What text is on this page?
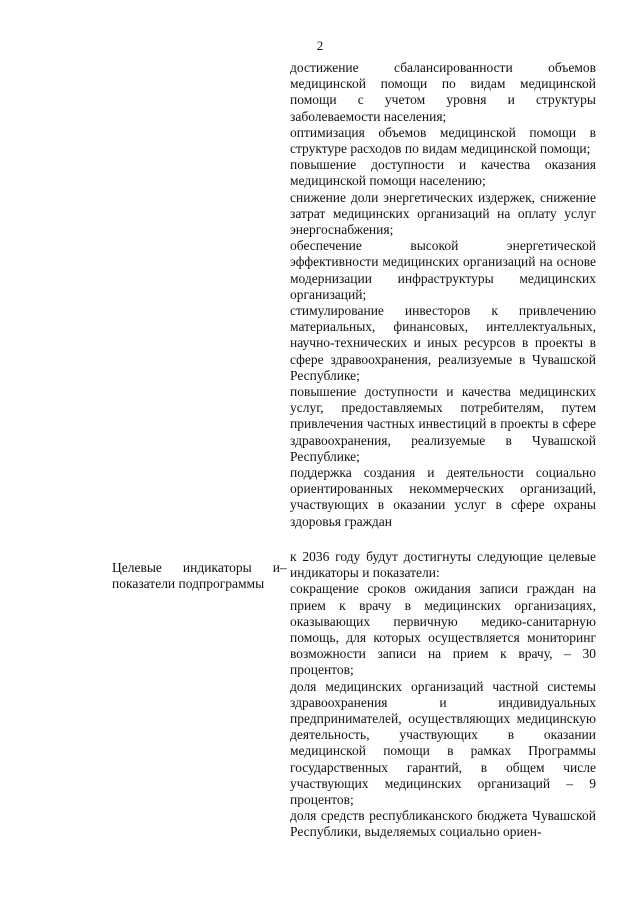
2

достижение сбалансированности объемов медицинской помощи по видам медицинской помощи с учетом уровня и структуры заболеваемости населения;

оптимизация объемов медицинской помощи в структуре расходов по видам медицинской помощи;

повышение доступности и качества оказания медицинской помощи населению;

снижение доли энергетических издержек, снижение затрат медицинских организаций на оплату услуг энергоснабжения;

обеспечение высокой энергетической эффективности медицинских организаций на основе модернизации инфраструктуры медицинских организаций;

стимулирование инвесторов к привлечению материальных, финансовых, интеллектуальных, научно-технических и иных ресурсов в проекты в сфере здравоохранения, реализуемые в Чувашской Республике;

повышение доступности и качества медицинских услуг, предоставляемых потребителям, путем привлечения частных инвестиций в проекты в сфере здравоохранения, реализуемые в Чувашской Республике;

поддержка создания и деятельности социально ориентированных некоммерческих организаций, участвующих в оказании услуг в сфере охраны здоровья граждан

Целевые индикаторы и показатели подпрограммы
–

к 2036 году будут достигнуты следующие целевые индикаторы и показатели:

сокращение сроков ожидания записи граждан на прием к врачу в медицинских организациях, оказывающих первичную медико-санитарную помощь, для которых осуществляется мониторинг возможности записи на прием к врачу, – 30 процентов;

доля медицинских организаций частной системы здравоохранения и индивидуальных предпринимателей, осуществляющих медицинскую деятельность, участвующих в оказании медицинской помощи в рамках Программы государственных гарантий, в общем числе участвующих медицинских организаций – 9 процентов;

доля средств республиканского бюджета Чувашской Республики, выделяемых социально ориен-
